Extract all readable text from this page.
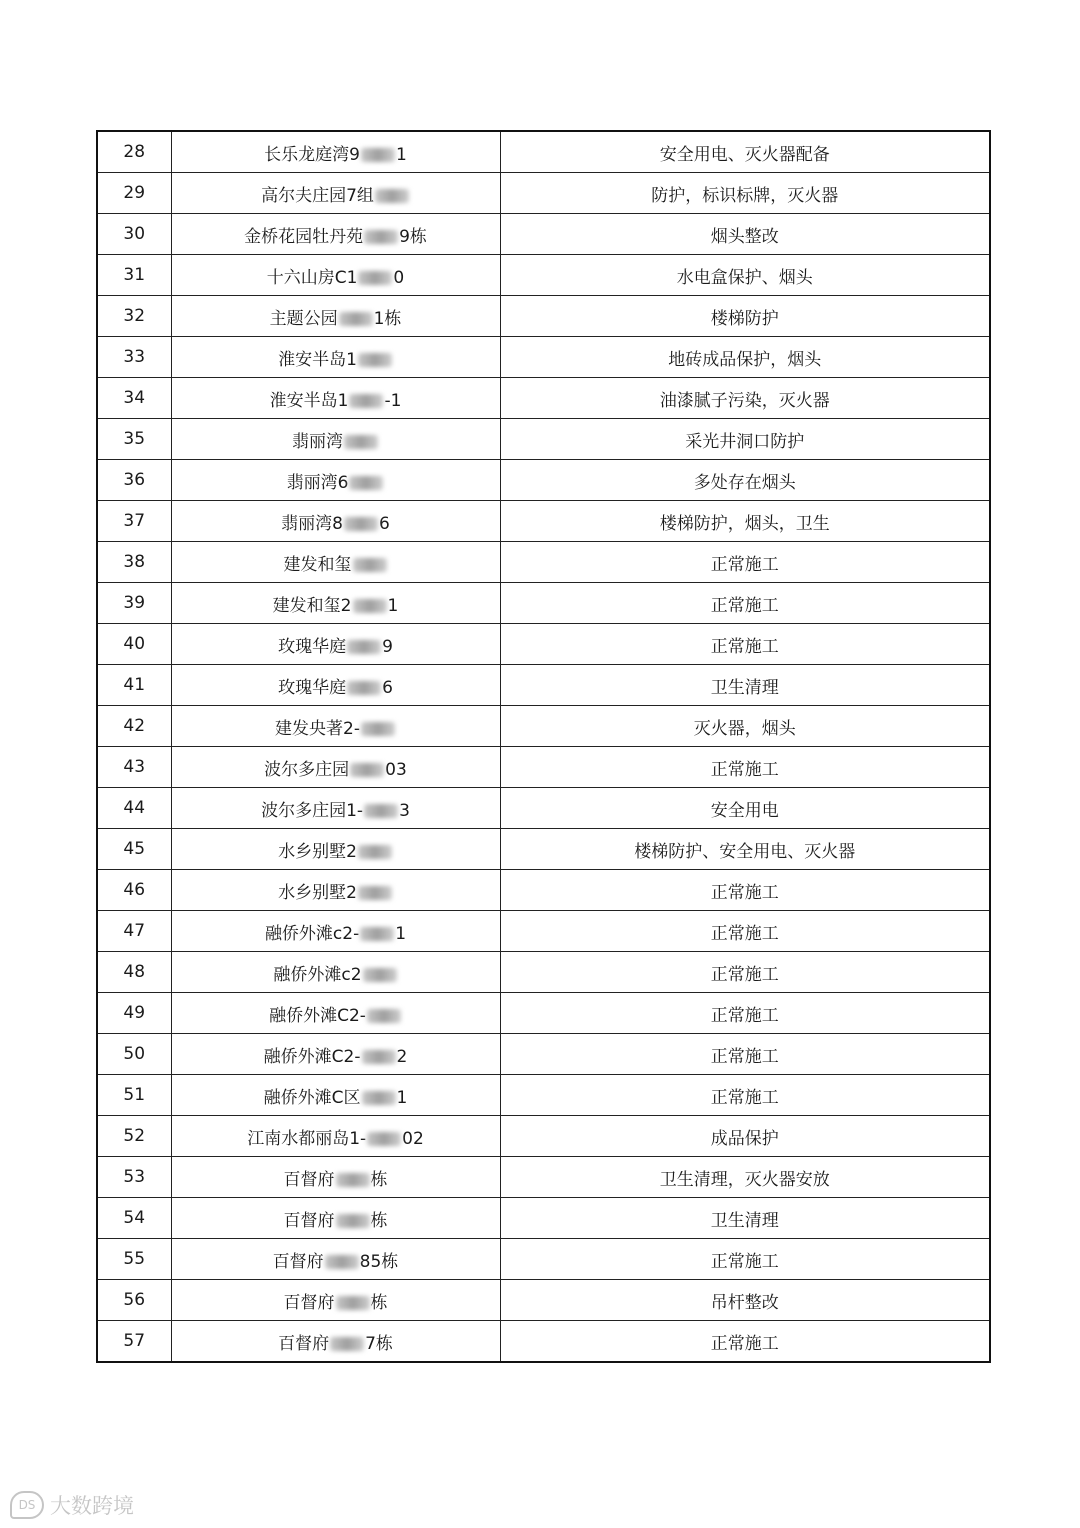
28	长乐龙庭湾9 1	安全用电、灭火器配备
29	高尔夫庄园7组	防护，标识标牌，灭火器
30	金桥花园牡丹苑 9栋	烟头整改
31	十六山房C1 0	水电盒保护、烟头
32	主题公园 1栋	楼梯防护
33	淮安半岛1	地砖成品保护，烟头
34	淮安半岛1 -1	油漆腻子污染，灭火器
35	翡丽湾	采光井洞口防护
36	翡丽湾6	多处存在烟头
37	翡丽湾8 6	楼梯防护，烟头，卫生
38	建发和玺	正常施工
39	建发和玺2 1	正常施工
40	玫瑰华庭 9	正常施工
41	玫瑰华庭 6	卫生清理
42	建发央著2-	灭火器，烟头
43	波尔多庄园 03	正常施工
44	波尔多庄园1- 3	安全用电
45	水乡别墅2	楼梯防护、安全用电、灭火器
46	水乡别墅2	正常施工
47	融侨外滩c2- 1	正常施工
48	融侨外滩c2	正常施工
49	融侨外滩C2-	正常施工
50	融侨外滩C2- 2	正常施工
51	融侨外滩C区 1	正常施工
52	江南水都丽岛1- 02	成品保护
53	百督府 栋	卫生清理，灭火器安放
54	百督府 栋	卫生清理
55	百督府 85栋	正常施工
56	百督府 栋	吊杆整改
57	百督府 7栋	正常施工
DS 大数跨境
